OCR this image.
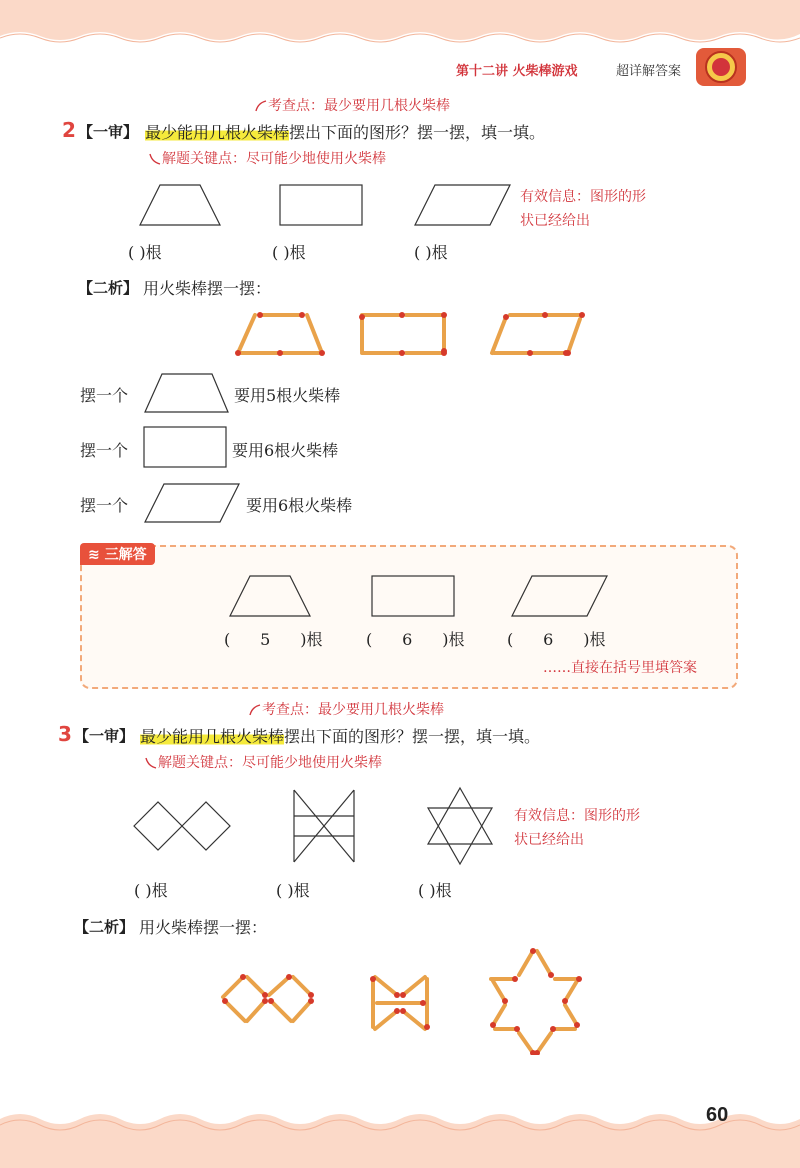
第十二讲 火柴棒游戏	超详解答案
考查点：最少要用几根火柴棒
2 【一审】 最少能用几根火柴棒摆出下面的图形？摆一摆，填一填。
解题关键点：尽可能少地使用火柴棒
有效信息：图形的形
状已经给出
( )根	( )根	( )根
【二析】 用火柴棒摆一摆：
摆一个	要用5根火柴棒
摆一个	要用6根火柴棒
摆一个	要用6根火柴棒
≋ 三解答
( 5 )根	( 6 )根	( 6 )根
……直接在括号里填答案
考查点：最少要用几根火柴棒
3 【一审】 最少能用几根火柴棒摆出下面的图形？摆一摆，填一填。
解题关键点：尽可能少地使用火柴棒
有效信息：图形的形
状已经给出
( )根	( )根	( )根
【二析】 用火柴棒摆一摆：
60
